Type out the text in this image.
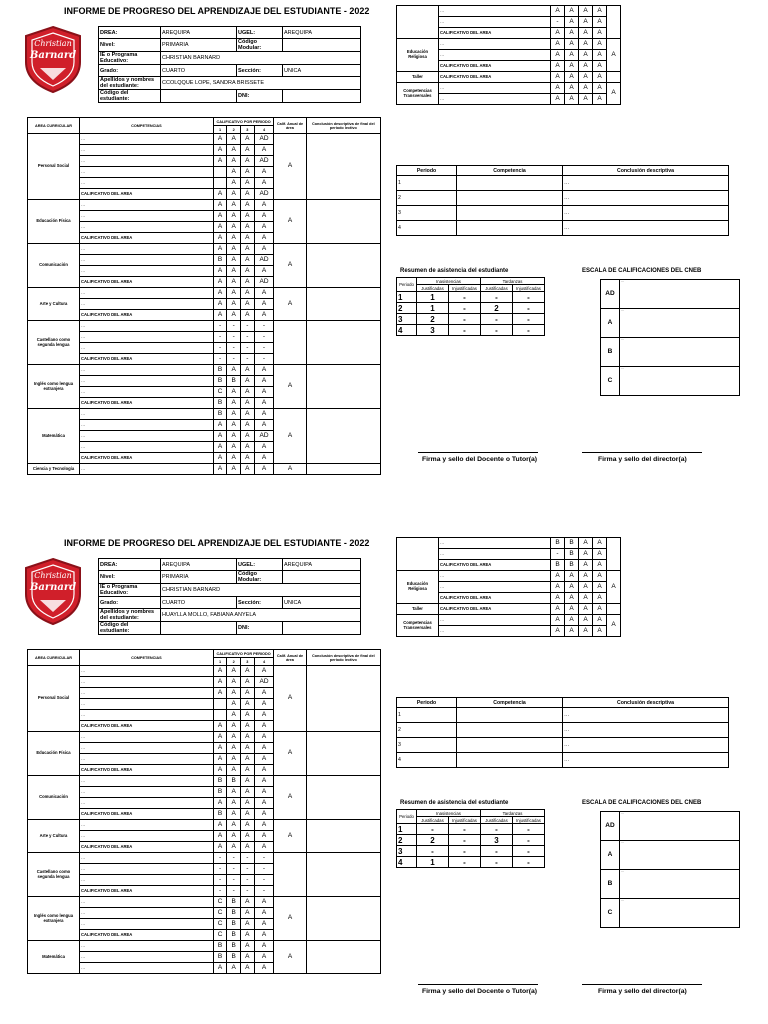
INFORME DE PROGRESO DEL APRENDIZAJE DEL ESTUDIANTE - 2022
Christian
Barnard
DREA:	AREQUIPA	UGEL:	AREQUIPA
Nivel:	PRIMARIA	Código Modular:	
IE o Programa Educativo:	CHRISTIAN BARNARD		
Grado:	CUARTO	Sección:	UNICA
Apellidos y nombres del estudiante:	CCOLQQUE LOPE, SANDRA BRISSETE		
Código del estudiante:		DNI:	
AREA CURRICULAR	COMPETENCIAS	CALIFICATIVO POR PERIODO				Calif. Anual de área	Conclusión descriptiva de final del periodo lectivo
		1	2	3	4		
Personal Social	…	A	A	A	AD	A	
	…	A	A	A	A		
	…	A	A	A	AD		
	…		A	A	A		
	…		A	A	A		
	CALIFICATIVO DEL AREA	A	A	A	AD		
Educación Física	…	A	A	A	A	A	
	…	A	A	A	A		
	…	A	A	A	A		
	CALIFICATIVO DEL AREA	A	A	A	A		
Comunicación	…	A	A	A	A	A	
	…	B	A	A	AD		
	…	A	A	A	A		
	CALIFICATIVO DEL AREA	A	A	A	AD		
Arte y Cultura	…	A	A	A	A	A	
	…	A	A	A	A		
	CALIFICATIVO DEL AREA	A	A	A	A		
Castellano como segunda lengua	…	-	-	-	-		
	…	-	-	-	-		
	…	-	-	-	-		
	CALIFICATIVO DEL AREA	-	-	-	-		
Inglés como lengua extranjera	…	B	A	A	A	A	
	…	B	B	A	A		
	…	C	A	A	A		
	CALIFICATIVO DEL AREA	B	A	A	A		
Matemática	…	B	A	A	A	A	
	…	A	A	A	A		
	…	A	A	A	AD		
	…	A	A	A	A		
	CALIFICATIVO DEL AREA	A	A	A	A		
Ciencia y Tecnología	…	A	A	A	A	A	
	…	A	A	A	A	
	…	-	A	A	A	
	CALIFICATIVO DEL AREA	A	A	A	A	
Educación Religiosa	…	A	A	A	A	A
	…	A	A	A	A	
	CALIFICATIVO DEL AREA	A	A	A	A	
Taller	CALIFICATIVO DEL AREA	A	A	A	A	
Competencias Transversales	…	A	A	A	A	A
	…	A	A	A	A	
Periodo	Competencia	Conclusión descriptiva
1		…
2		…
3		…
4		…
Resumen de asistencia del estudiante
Periodo	Inasistencias		Tardanzas	
	Justificadas	Injustificadas	Justificadas	Injustificadas
1	1	-	-	-
2	1	-	2	-
3	2	-	-	-
4	3	-	-	-
ESCALA DE CALIFICACIONES DEL CNEB
AD	…
A	…
B	…
C	…
Firma y sello del Docente o Tutor(a)	Firma y sello del director(a)
INFORME DE PROGRESO DEL APRENDIZAJE DEL ESTUDIANTE - 2022
Christian
Barnard
DREA:	AREQUIPA	UGEL:	AREQUIPA
Nivel:	PRIMARIA	Código Modular:	
IE o Programa Educativo:	CHRISTIAN BARNARD		
Grado:	CUARTO	Sección:	UNICA
Apellidos y nombres del estudiante:	HUAYLLA MOLLO, FABIANA ANYELA		
Código del estudiante:		DNI:	
AREA CURRICULAR	COMPETENCIAS	CALIFICATIVO POR PERIODO				Calif. Anual de área	Conclusión descriptiva de final del periodo lectivo
		1	2	3	4		
Personal Social	…	A	A	A	A	A	
	…	A	A	A	AD		
	…	A	A	A	A		
	…		A	A	A		
	…		A	A	A		
	CALIFICATIVO DEL AREA	A	A	A	A		
Educación Física	…	A	A	A	A	A	
	…	A	A	A	A		
	…	A	A	A	A		
	CALIFICATIVO DEL AREA	A	A	A	A		
Comunicación	…	B	B	A	A	A	
	…	B	A	A	A		
	…	A	A	A	A		
	CALIFICATIVO DEL AREA	B	A	A	A		
Arte y Cultura	…	A	A	A	A	A	
	…	A	A	A	A		
	CALIFICATIVO DEL AREA	A	A	A	A		
Castellano como segunda lengua	…	-	-	-	-		
	…	-	-	-	-		
	…	-	-	-	-		
	CALIFICATIVO DEL AREA	-	-	-	-		
Inglés como lengua extranjera	…	C	B	A	A	A	
	…	C	B	A	A		
	…	C	B	A	A		
	CALIFICATIVO DEL AREA	C	B	A	A		
Matemática	…	B	B	A	A	A	
	…	B	B	A	A		
	…	A	A	A	A		
	…	B	B	A	A	
	…	-	B	A	A	
	CALIFICATIVO DEL AREA	B	B	A	A	
Educación Religiosa	…	A	A	A	A	A
	…	A	A	A	A	
	CALIFICATIVO DEL AREA	A	A	A	A	
Taller	CALIFICATIVO DEL AREA	A	A	A	A	
Competencias Transversales	…	A	A	A	A	A
	…	A	A	A	A	
Periodo	Competencia	Conclusión descriptiva
1		…
2		…
3		…
4		…
Resumen de asistencia del estudiante
Periodo	Inasistencias		Tardanzas	
	Justificadas	Injustificadas	Justificadas	Injustificadas
1	-	-	-	-
2	2	-	3	-
3	-	-	-	-
4	1	-	-	-
ESCALA DE CALIFICACIONES DEL CNEB
AD	…
A	…
B	…
C	…
Firma y sello del Docente o Tutor(a)	Firma y sello del director(a)
